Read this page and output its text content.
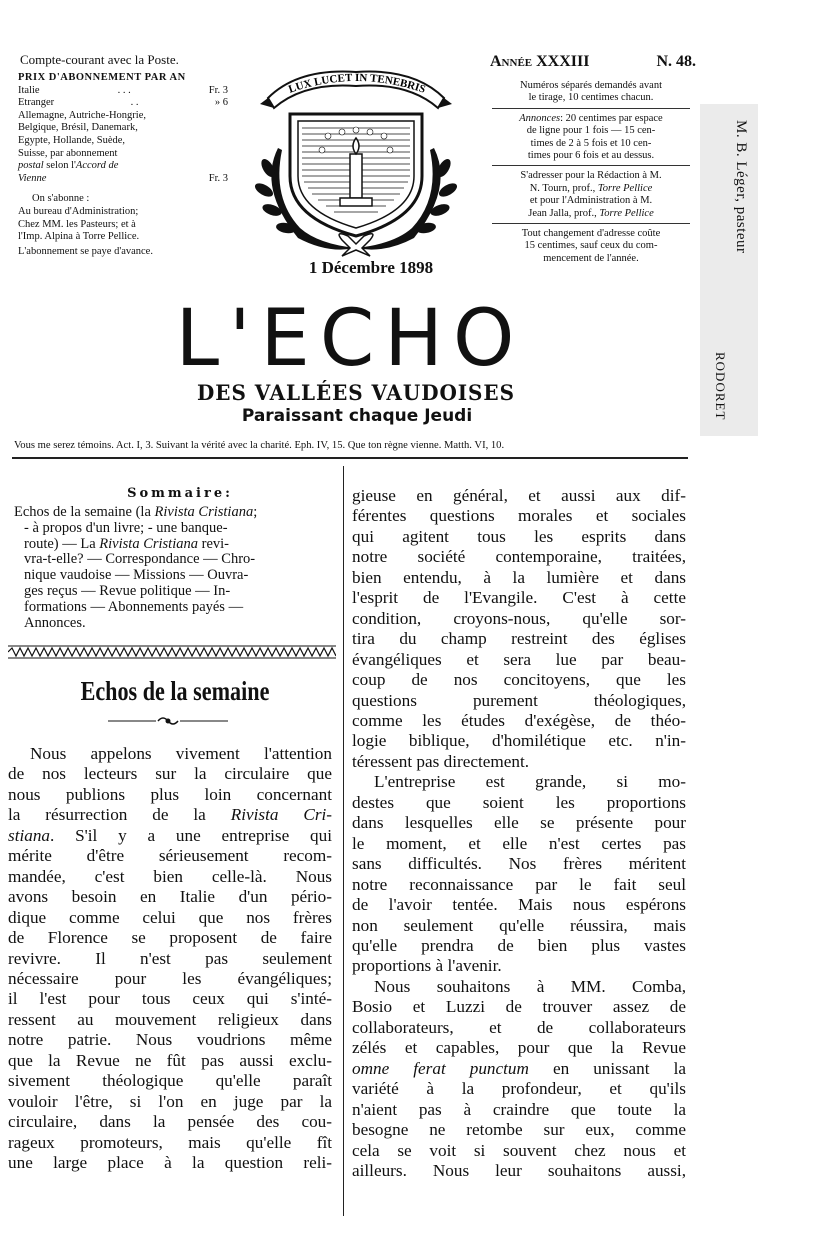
Compte-courant avec la Poste.
PRIX D'ABONNEMENT PAR AN
Italie	. . .	Fr. 3
Etranger	. .	» 6
Allemagne, Autriche-Hongrie,
Belgique, Brésil, Danemark,
Egypte, Hollande, Suède,
Suisse, par abonnement
postal selon l'Accord de
Vienne	Fr. 3
On s'abonne :
Au bureau d'Administration;
Chez MM. les Pasteurs; et à
l'Imp. Alpina à Torre Pellice.
L'abonnement se paye d'avance.
LUX LUCET IN TENEBRIS
1 Décembre 1898
Année XXXIII	N. 48.
Numéros séparés demandés avant
le tirage, 10 centimes chacun.
Annonces: 20 centimes par espace
de ligne pour 1 fois — 15 cen-
times de 2 à 5 fois et 10 cen-
times pour 6 fois et au dessus.
S'adresser pour la Rédaction à M.
N. Tourn, prof., Torre Pellice
et pour l'Administration à M.
Jean Jalla, prof., Torre Pellice
Tout changement d'adresse coûte
15 centimes, sauf ceux du com-
mencement de l'année.
M. B. Léger, pasteur
RODORET
L'ECHO
DES VALLÉES VAUDOISES
Paraissant chaque Jeudi
Vous me serez témoins. Act. I, 3. Suivant la vérité avec la charité. Eph. IV, 15. Que ton règne vienne. Matth. VI, 10.
Sommaire:
Echos de la semaine (la Rivista Cristiana;
- à propos d'un livre; - une banque-
route) — La Rivista Cristiana revi-
vra-t-elle? — Correspondance — Chro-
nique vaudoise — Missions — Ouvra-
ges reçus — Revue politique — In-
formations — Abonnements payés —
Annonces.
Echos de la semaine
Nous appelons vivement l'attention
de nos lecteurs sur la circulaire que
nous publions plus loin concernant
la résurrection de la Rivista Cri-
stiana. S'il y a une entreprise qui
mérite d'être sérieusement recom-
mandée, c'est bien celle-là. Nous
avons besoin en Italie d'un pério-
dique comme celui que nos frères
de Florence se proposent de faire
revivre. Il n'est pas seulement
nécessaire pour les évangéliques;
il l'est pour tous ceux qui s'inté-
ressent au mouvement religieux dans
notre patrie. Nous voudrions même
que la Revue ne fût pas aussi exclu-
sivement théologique qu'elle paraît
vouloir l'être, si l'on en juge par la
circulaire, dans la pensée des cou-
rageux promoteurs, mais qu'elle fît
une large place à la question reli-
gieuse en général, et aussi aux dif-
férentes questions morales et sociales
qui agitent tous les esprits dans
notre société contemporaine, traitées,
bien entendu, à la lumière et dans
l'esprit de l'Evangile. C'est à cette
condition, croyons-nous, qu'elle sor-
tira du champ restreint des églises
évangéliques et sera lue par beau-
coup de nos concitoyens, que les
questions purement théologiques,
comme les études d'exégèse, de théo-
logie biblique, d'homilétique etc. n'in-
téressent pas directement.
L'entreprise est grande, si mo-
destes que soient les proportions
dans lesquelles elle se présente pour
le moment, et elle n'est certes pas
sans difficultés. Nos frères méritent
notre reconnaissance par le fait seul
de l'avoir tentée. Mais nous espérons
non seulement qu'elle réussira, mais
qu'elle prendra de bien plus vastes
proportions à l'avenir.
Nous souhaitons à MM. Comba,
Bosio et Luzzi de trouver assez de
collaborateurs, et de collaborateurs
zélés et capables, pour que la Revue
omne ferat punctum en unissant la
variété à la profondeur, et qu'ils
n'aient pas à craindre que toute la
besogne ne retombe sur eux, comme
cela se voit si souvent chez nous et
ailleurs. Nous leur souhaitons aussi,
